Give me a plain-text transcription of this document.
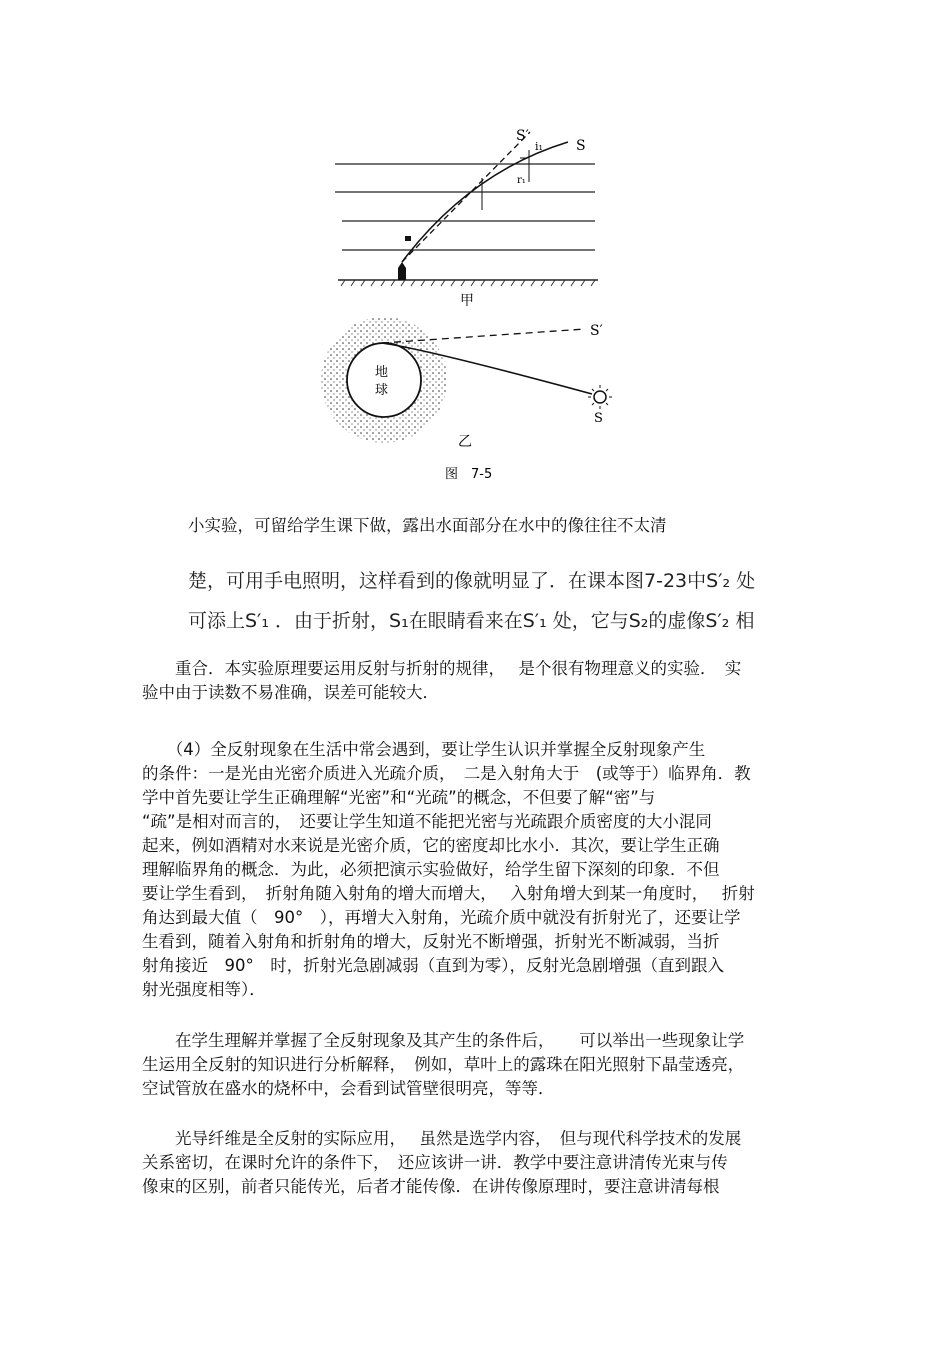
S′
S
i₁
r₁
甲
地
球
S′
S
乙
图　7-5
小实验，可留给学生课下做，露出水面部分在水中的像往往不太清
楚，可用手电照明，这样看到的像就明显了．在课本图7-23中S′₂ 处
可添上S′₁ ．由于折射，S₁在眼睛看来在S′₁ 处，它与S₂的虚像S′₂ 相
　　重合．本实验原理要运用反射与折射的规律，　 是个很有物理意义的实验．　实
验中由于读数不易准确，误差可能较大．
　　（4）全反射现象在生活中常会遇到，要让学生认识并掌握全反射现象产生
的条件：一是光由光密介质进入光疏介质，　二是入射角大于　(或等于）临界角．教
学中首先要让学生正确理解“光密”和“光疏”的概念，不但要了解“密”与
“疏”是相对而言的，　还要让学生知道不能把光密与光疏跟介质密度的大小混同
起来，例如酒精对水来说是光密介质，它的密度却比水小．其次，要让学生正确
理解临界角的概念．为此，必须把演示实验做好，给学生留下深刻的印象．不但
要让学生看到，　折射角随入射角的增大而增大，　 入射角增大到某一角度时，　 折射
角达到最大值（　90°　），再增大入射角，光疏介质中就没有折射光了，还要让学
生看到，随着入射角和折射角的增大，反射光不断增强，折射光不断减弱，当折
射角接近　90°　时，折射光急剧减弱（直到为零），反射光急剧增强（直到跟入
射光强度相等）．
　　在学生理解并掌握了全反射现象及其产生的条件后，　　可以举出一些现象让学
生运用全反射的知识进行分析解释，　例如，草叶上的露珠在阳光照射下晶莹透亮，
空试管放在盛水的烧杯中，会看到试管壁很明亮，等等．
　　光导纤维是全反射的实际应用，　 虽然是选学内容，　但与现代科学技术的发展
关系密切，在课时允许的条件下，　还应该讲一讲．教学中要注意讲清传光束与传
像束的区别，前者只能传光，后者才能传像．在讲传像原理时，要注意讲清每根
